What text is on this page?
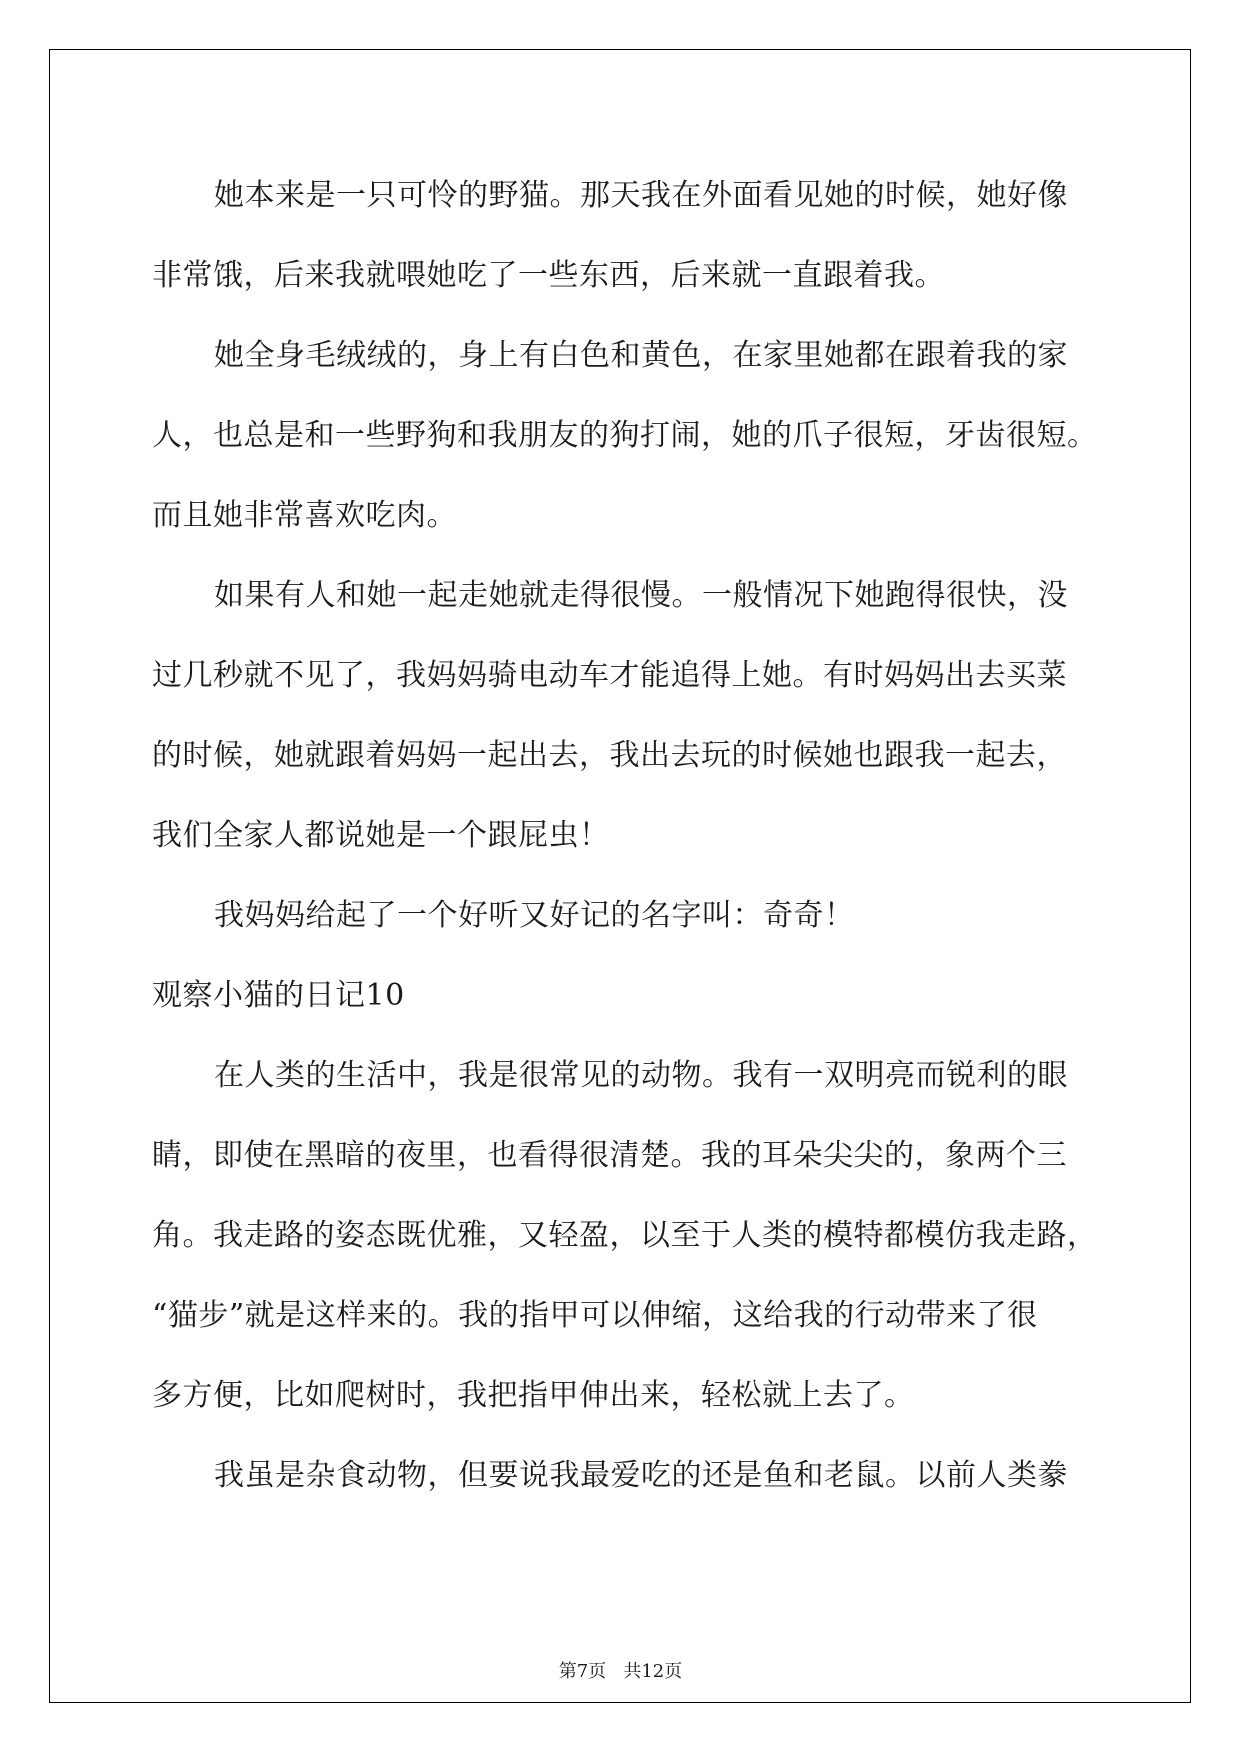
她本来是一只可怜的野猫。那天我在外面看见她的时候，她好像
非常饿，后来我就喂她吃了一些东西，后来就一直跟着我。
她全身毛绒绒的，身上有白色和黄色，在家里她都在跟着我的家
人，也总是和一些野狗和我朋友的狗打闹，她的爪子很短，牙齿很短。
而且她非常喜欢吃肉。
如果有人和她一起走她就走得很慢。一般情况下她跑得很快，没
过几秒就不见了，我妈妈骑电动车才能追得上她。有时妈妈出去买菜
的时候，她就跟着妈妈一起出去，我出去玩的时候她也跟我一起去，
我们全家人都说她是一个跟屁虫！
我妈妈给起了一个好听又好记的名字叫：奇奇！
观察小猫的日记10
在人类的生活中，我是很常见的动物。我有一双明亮而锐利的眼
睛，即使在黑暗的夜里，也看得很清楚。我的耳朵尖尖的，象两个三
角。我走路的姿态既优雅，又轻盈，以至于人类的模特都模仿我走路，
“猫步”就是这样来的。我的指甲可以伸缩，这给我的行动带来了很
多方便，比如爬树时，我把指甲伸出来，轻松就上去了。
我虽是杂食动物，但要说我最爱吃的还是鱼和老鼠。以前人类豢
第7页 共12页
